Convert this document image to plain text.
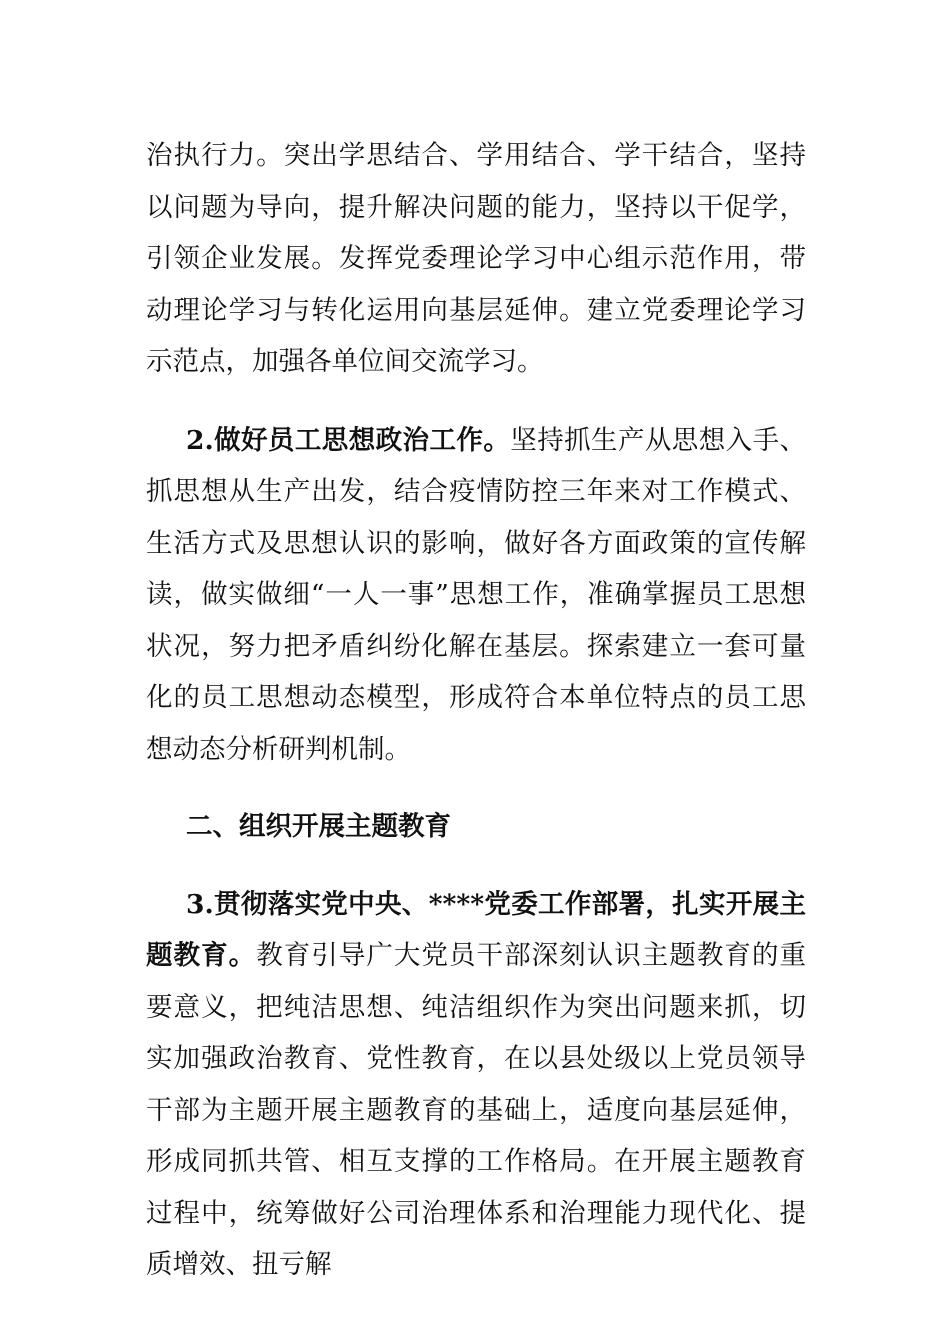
治执行力。突出学思结合、学用结合、学干结合，坚持以问题为导向，提升解决问题的能力，坚持以干促学，引领企业发展。发挥党委理论学习中心组示范作用，带动理论学习与转化运用向基层延伸。建立党委理论学习示范点，加强各单位间交流学习。

2.做好员工思想政治工作。坚持抓生产从思想入手、抓思想从生产出发，结合疫情防控三年来对工作模式、生活方式及思想认识的影响，做好各方面政策的宣传解读，做实做细“一人一事”思想工作，准确掌握员工思想状况，努力把矛盾纠纷化解在基层。探索建立一套可量化的员工思想动态模型，形成符合本单位特点的员工思想动态分析研判机制。

二、组织开展主题教育

3.贯彻落实党中央、****党委工作部署，扎实开展主题教育。教育引导广大党员干部深刻认识主题教育的重要意义，把纯洁思想、纯洁组织作为突出问题来抓，切实加强政治教育、党性教育，在以县处级以上党员领导干部为主题开展主题教育的基础上，适度向基层延伸，形成同抓共管、相互支撑的工作格局。在开展主题教育过程中，统筹做好公司治理体系和治理能力现代化、提质增效、扭亏解
